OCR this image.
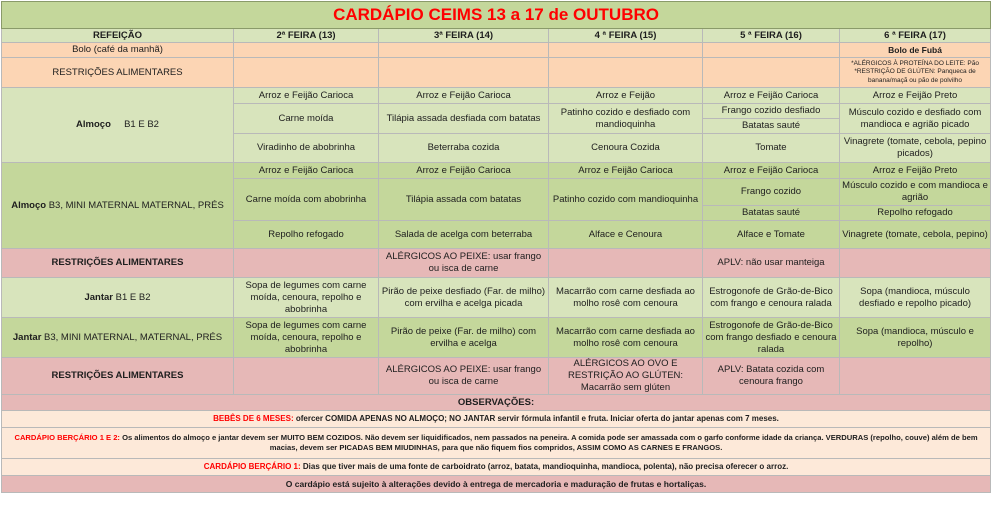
CARDÁPIO CEIMS 13 a 17 de OUTUBRO					
REFEIÇÃO	2ª FEIRA (13)	3ª FEIRA (14)	4 ª FEIRA (15)	5 ª FEIRA (16)	6 ª FEIRA (17)
Bolo (café da manhã)					Bolo de Fubá
RESTRIÇÕES ALIMENTARES					*ALÉRGICOS À PROTEÍNA DO LEITE: Pão *RESTRIÇÃO DE GLÚTEN: Panqueca de banana/maçã ou pão de polvilho
Almoço B1 E B2	Arroz e Feijão Carioca	Arroz e Feijão Carioca	Arroz e Feijão	Arroz e Feijão Carioca	Arroz e Feijão Preto
	Carne moída	Tilápia assada desfiada com batatas	Patinho cozido e desfiado com mandioquinha	Frango cozido desfiado	Músculo cozido e desfiado com mandioca e agrião picado
				Batatas sauté	
	Viradinho de abobrinha	Beterraba cozida	Cenoura Cozida	Tomate	Vinagrete (tomate, cebola, pepino picados)
Almoço B3, MINI MATERNAL MATERNAL, PRÉS	Arroz e Feijão Carioca	Arroz e Feijão Carioca	Arroz e Feijão Carioca	Arroz e Feijão Carioca	Arroz e Feijão Preto
	Carne moída com abobrinha	Tilápia assada com batatas	Patinho cozido com mandioquinha	Frango cozido	Músculo cozido e com mandioca e agrião
				Batatas sauté	Repolho refogado
	Repolho refogado	Salada de acelga com beterraba	Alface e Cenoura	Alface e Tomate	Vinagrete (tomate, cebola, pepino)
RESTRIÇÕES ALIMENTARES		ALÉRGICOS AO PEIXE: usar frango ou isca de carne		APLV: não usar manteiga	
Jantar B1 E B2	Sopa de legumes com carne moída, cenoura, repolho e abobrinha	Pirão de peixe desfiado (Far. de milho) com ervilha e acelga picada	Macarrão com carne desfiada ao molho rosê com cenoura	Estrogonofe de Grão-de-Bico com frango e cenoura ralada	Sopa (mandioca, músculo desfiado e repolho picado)
Jantar B3, MINI MATERNAL, MATERNAL, PRÉS	Sopa de legumes com carne moída, cenoura, repolho e abobrinha	Pirão de peixe (Far. de milho) com ervilha e acelga	Macarrão com carne desfiada ao molho rosê com cenoura	Estrogonofe de Grão-de-Bico com frango desfiado e cenoura ralada	Sopa (mandioca, músculo e repolho)
RESTRIÇÕES ALIMENTARES		ALÉRGICOS AO PEIXE: usar frango ou isca de carne	ALÉRGICOS AO OVO E RESTRIÇÃO AO GLÚTEN: Macarrão sem glúten	APLV: Batata cozida com cenoura frango	
OBSERVAÇÕES:					
BEBÊS DE 6 MESES: ofercer COMIDA APENAS NO ALMOÇO; NO JANTAR servir fórmula infantil e fruta. Iniciar oferta do jantar apenas com 7 meses.					
CARDÁPIO BERÇÁRIO 1 E 2: Os alimentos do almoço e jantar devem ser MUITO BEM COZIDOS. Não devem ser liquidificados, nem passados na peneira. A comida pode ser amassada com o garfo conforme idade da criança. VERDURAS (repolho, couve) além de bem macias, devem ser PICADAS BEM MIUDINHAS, para que não fiquem fios compridos, ASSIM COMO AS CARNES E FRANGOS.					
CARDÁPIO BERÇÁRIO 1: Dias que tiver mais de uma fonte de carboidrato (arroz, batata, mandioquinha, mandioca, polenta), não precisa oferecer o arroz.					
O cardápio está sujeito à alterações devido à entrega de mercadoria e maduração de frutas e hortaliças.					
